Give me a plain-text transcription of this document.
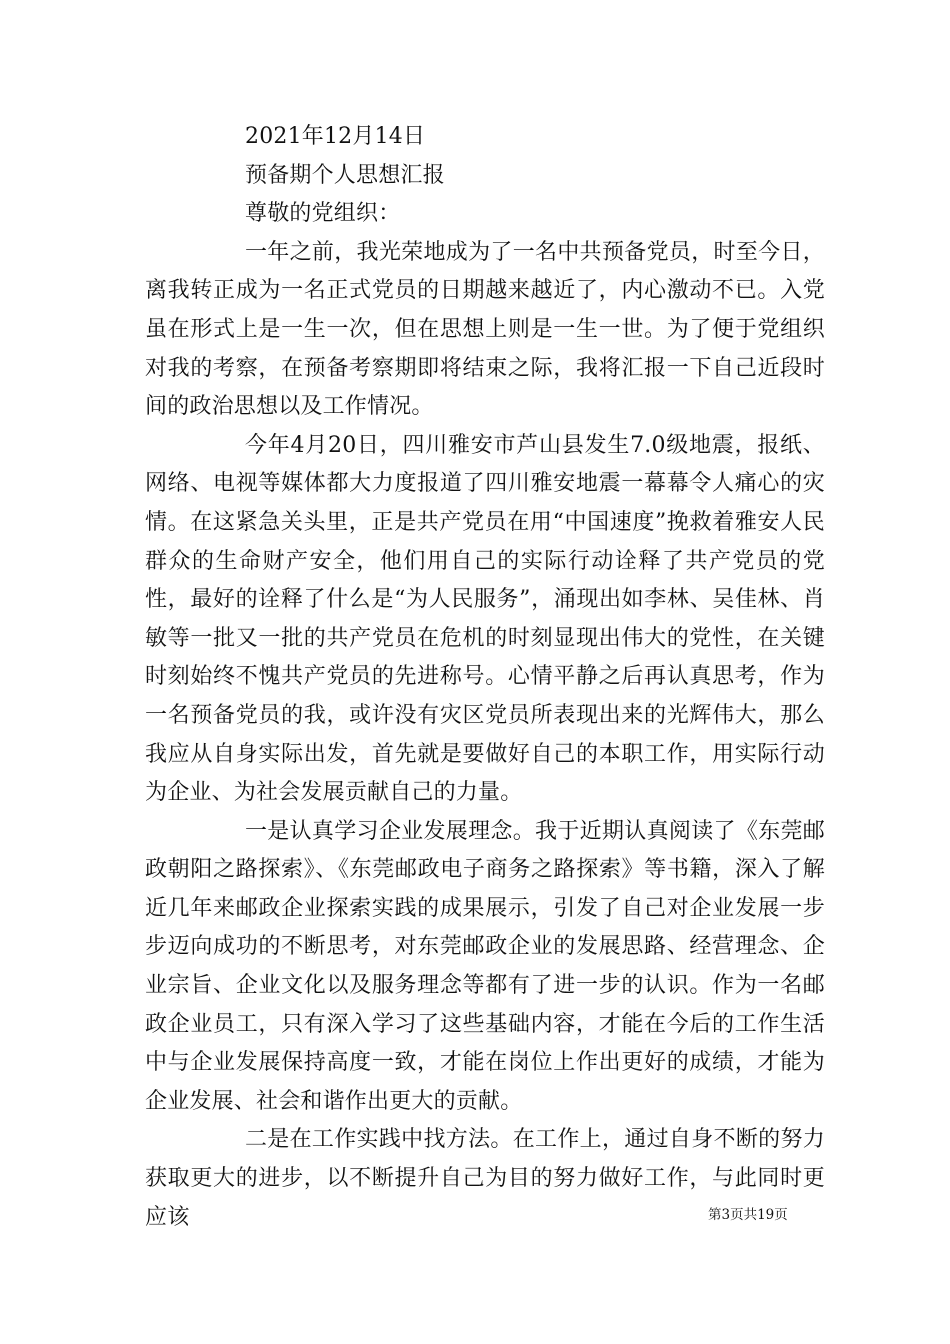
2021年12月14日

预备期个人思想汇报

尊敬的党组织：

一年之前，我光荣地成为了一名中共预备党员，时至今日，离我转正成为一名正式党员的日期越来越近了，内心激动不已。入党虽在形式上是一生一次，但在思想上则是一生一世。为了便于党组织对我的考察，在预备考察期即将结束之际，我将汇报一下自己近段时间的政治思想以及工作情况。

今年4月20日，四川雅安市芦山县发生7.0级地震，报纸、网络、电视等媒体都大力度报道了四川雅安地震一幕幕令人痛心的灾情。在这紧急关头里，正是共产党员在用“中国速度”挽救着雅安人民群众的生命财产安全，他们用自己的实际行动诠释了共产党员的党性，最好的诠释了什么是“为人民服务”，涌现出如李林、吴佳林、肖敏等一批又一批的共产党员在危机的时刻显现出伟大的党性，在关键时刻始终不愧共产党员的先进称号。心情平静之后再认真思考，作为一名预备党员的我，或许没有灾区党员所表现出来的光辉伟大，那么我应从自身实际出发，首先就是要做好自己的本职工作，用实际行动为企业、为社会发展贡献自己的力量。

一是认真学习企业发展理念。我于近期认真阅读了《东莞邮政朝阳之路探索》、《东莞邮政电子商务之路探索》等书籍，深入了解近几年来邮政企业探索实践的成果展示，引发了自己对企业发展一步步迈向成功的不断思考，对东莞邮政企业的发展思路、经营理念、企业宗旨、企业文化以及服务理念等都有了进一步的认识。作为一名邮政企业员工，只有深入学习了这些基础内容，才能在今后的工作生活中与企业发展保持高度一致，才能在岗位上作出更好的成绩，才能为企业发展、社会和谐作出更大的贡献。

二是在工作实践中找方法。在工作上，通过自身不断的努力获取更大的进步，以不断提升自己为目的努力做好工作，与此同时更应该	第3页共19页
